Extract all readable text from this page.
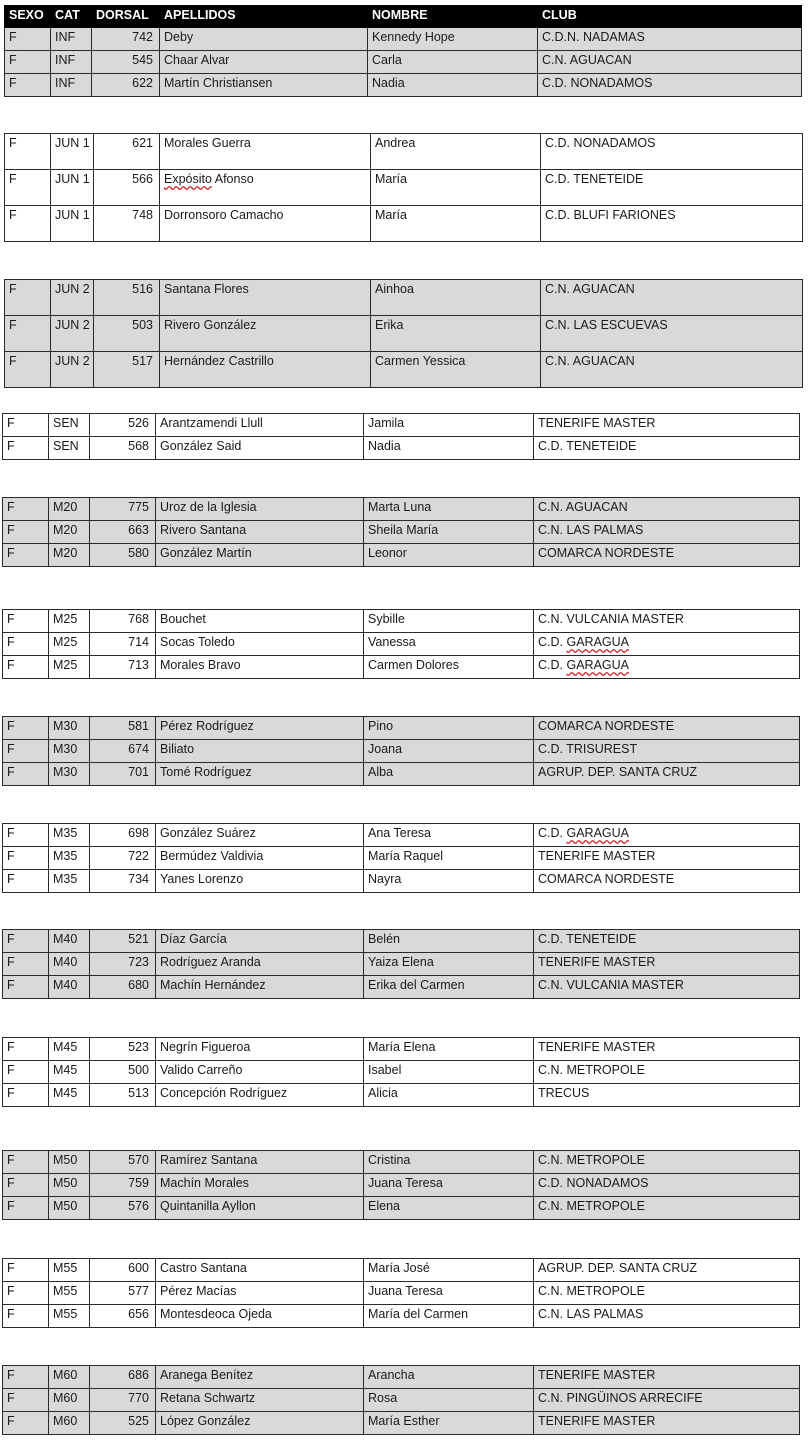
SEXO	CAT	DORSAL	APELLIDOS	NOMBRE	CLUB
F	INF	742	Deby	Kennedy Hope	C.D.N. NADAMAS
F	INF	545	Chaar Alvar	Carla	C.N. AGUACAN
F	INF	622	Martín Christiansen	Nadia	C.D. NONADAMOS
F	JUN 1	621	Morales Guerra	Andrea	C.D. NONADAMOS
F	JUN 1	566	Expósito Afonso	María	C.D. TENETEIDE
F	JUN 1	748	Dorronsoro Camacho	María	C.D. BLUFI FARIONES
F	JUN 2	516	Santana Flores	Ainhoa	C.N. AGUACAN
F	JUN 2	503	Rivero González	Erika	C.N. LAS ESCUEVAS
F	JUN 2	517	Hernández Castrillo	Carmen Yessica	C.N. AGUACAN
F	SEN	526	Arantzamendi Llull	Jamila	TENERIFE MASTER
F	SEN	568	González Said	Nadia	C.D. TENETEIDE
F	M20	775	Uroz de la Iglesia	Marta Luna	C.N. AGUACAN
F	M20	663	Rivero Santana	Sheila María	C.N. LAS PALMAS
F	M20	580	González Martín	Leonor	COMARCA NORDESTE
F	M25	768	Bouchet	Sybille	C.N. VULCANIA MASTER
F	M25	714	Socas Toledo	Vanessa	C.D. GARAGUA
F	M25	713	Morales Bravo	Carmen Dolores	C.D. GARAGUA
F	M30	581	Pérez Rodríguez	Pino	COMARCA NORDESTE
F	M30	674	Biliato	Joana	C.D. TRISUREST
F	M30	701	Tomé Rodríguez	Alba	AGRUP. DEP. SANTA CRUZ
F	M35	698	González Suárez	Ana Teresa	C.D. GARAGUA
F	M35	722	Bermúdez Valdivia	María Raquel	TENERIFE MASTER
F	M35	734	Yanes Lorenzo	Nayra	COMARCA NORDESTE
F	M40	521	Díaz García	Belén	C.D. TENETEIDE
F	M40	723	Rodríguez Aranda	Yaiza Elena	TENERIFE MASTER
F	M40	680	Machín Hernández	Erika del Carmen	C.N. VULCANIA MASTER
F	M45	523	Negrín Figueroa	María Elena	TENERIFE MASTER
F	M45	500	Valido Carreño	Isabel	C.N. METROPOLE
F	M45	513	Concepción Rodríguez	Alicia	TRECUS
F	M50	570	Ramírez Santana	Cristina	C.N. METROPOLE
F	M50	759	Machín Morales	Juana Teresa	C.D. NONADAMOS
F	M50	576	Quintanilla Ayllon	Elena	C.N. METROPOLE
F	M55	600	Castro Santana	María José	AGRUP. DEP. SANTA CRUZ
F	M55	577	Pérez Macías	Juana Teresa	C.N. METROPOLE
F	M55	656	Montesdeoca Ojeda	María del Carmen	C.N. LAS PALMAS
F	M60	686	Aranega Benítez	Arancha	TENERIFE MASTER
F	M60	770	Retana Schwartz	Rosa	C.N. PINGÜINOS ARRECIFE
F	M60	525	López González	María Esther	TENERIFE MASTER
